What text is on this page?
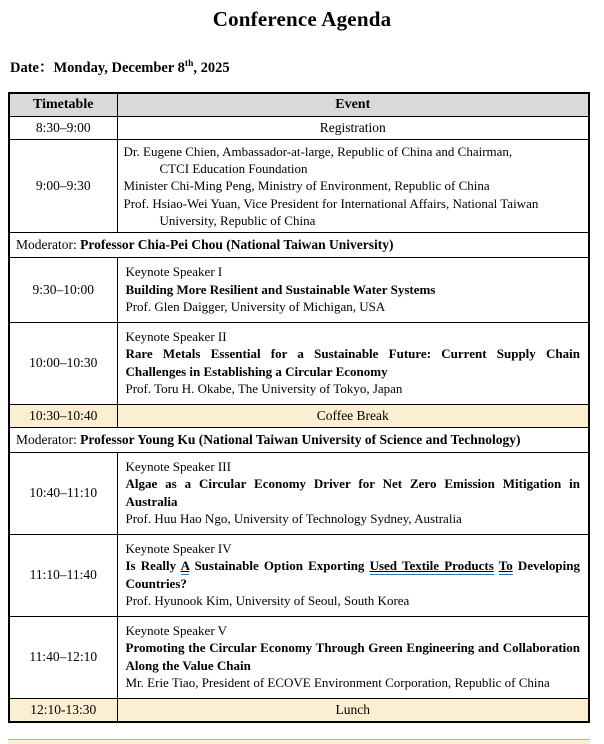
Conference Agenda
Date：Monday, December 8th, 2025
Timetable	Event
8:30–9:00	Registration
9:00–9:30	Dr. Eugene Chien, Ambassador-at-large, Republic of China and Chairman,
CTCI Education Foundation
Minister Chi-Ming Peng, Ministry of Environment, Republic of China
Prof. Hsiao-Wei Yuan, Vice President for International Affairs, National Taiwan
University, Republic of China

Moderator: Professor Chia-Pei Chou (National Taiwan University)	
9:30–10:00	Keynote Speaker I
Building More Resilient and Sustainable Water Systems
Prof. Glen Daigger, University of Michigan, USA

10:00–10:30	Keynote Speaker II
Rare Metals Essential for a Sustainable Future: Current Supply Chain Challenges in Establishing a Circular Economy
Prof. Toru H. Okabe, The University of Tokyo, Japan

10:30–10:40	Coffee Break
Moderator: Professor Young Ku (National Taiwan University of Science and Technology)	
10:40–11:10	Keynote Speaker III
Algae as a Circular Economy Driver for Net Zero Emission Mitigation in Australia
Prof. Huu Hao Ngo, University of Technology Sydney, Australia

11:10–11:40	Keynote Speaker IV
Is Really A Sustainable Option Exporting Used Textile Products To Developing Countries?
Prof. Hyunook Kim, University of Seoul, South Korea

11:40–12:10	Keynote Speaker V
Promoting the Circular Economy Through Green Engineering and Collaboration Along the Value Chain
Mr. Erie Tiao, President of ECOVE Environment Corporation, Republic of China

12:10-13:30	Lunch
